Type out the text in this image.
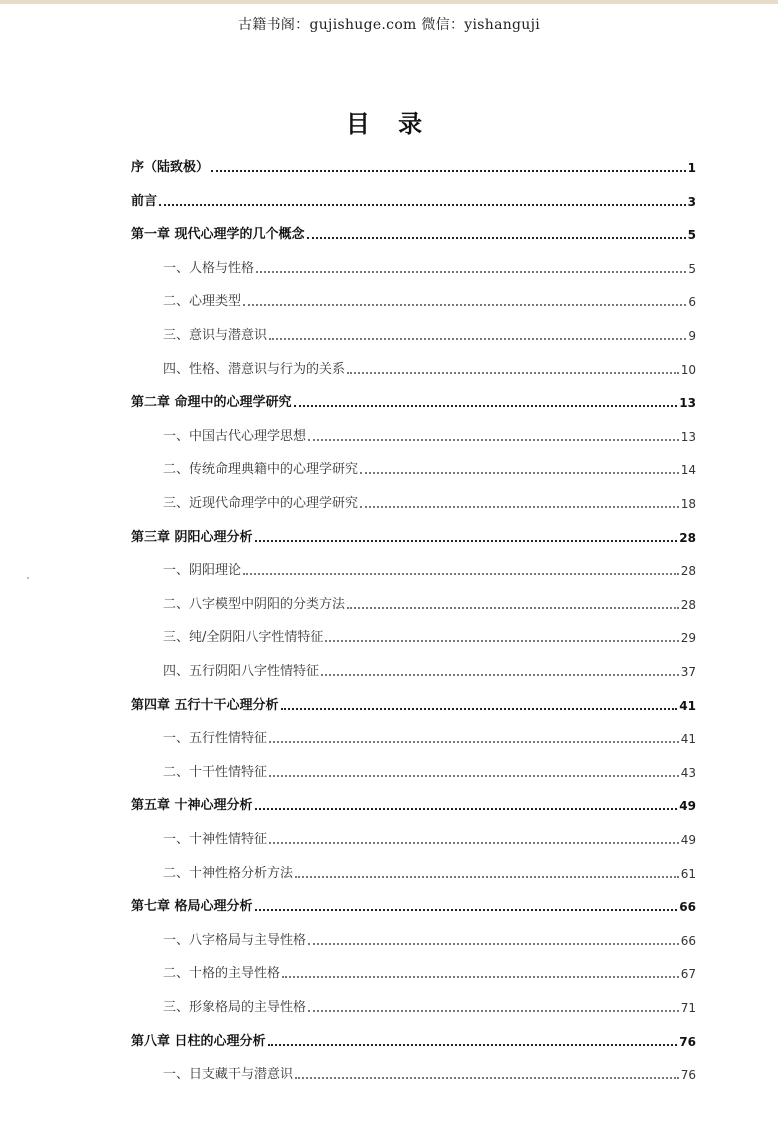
古籍书阁：gujishuge.com 微信：yishanguji
目 录
序（陆致极）	1
前言	3
第一章 现代心理学的几个概念	5
一、人格与性格	5
二、心理类型	6
三、意识与潜意识	9
四、性格、潜意识与行为的关系	10
第二章 命理中的心理学研究	13
一、中国古代心理学思想	13
二、传统命理典籍中的心理学研究	14
三、近现代命理学中的心理学研究	18
第三章 阴阳心理分析	28
一、阴阳理论	28
二、八字模型中阴阳的分类方法	28
三、纯/全阴阳八字性情特征	29
四、五行阴阳八字性情特征	37
第四章 五行十干心理分析	41
一、五行性情特征	41
二、十干性情特征	43
第五章 十神心理分析	49
一、十神性情特征	49
二、十神性格分析方法	61
第七章 格局心理分析	66
一、八字格局与主导性格	66
二、十格的主导性格	67
三、形象格局的主导性格	71
第八章 日柱的心理分析	76
一、日支藏干与潜意识	76
